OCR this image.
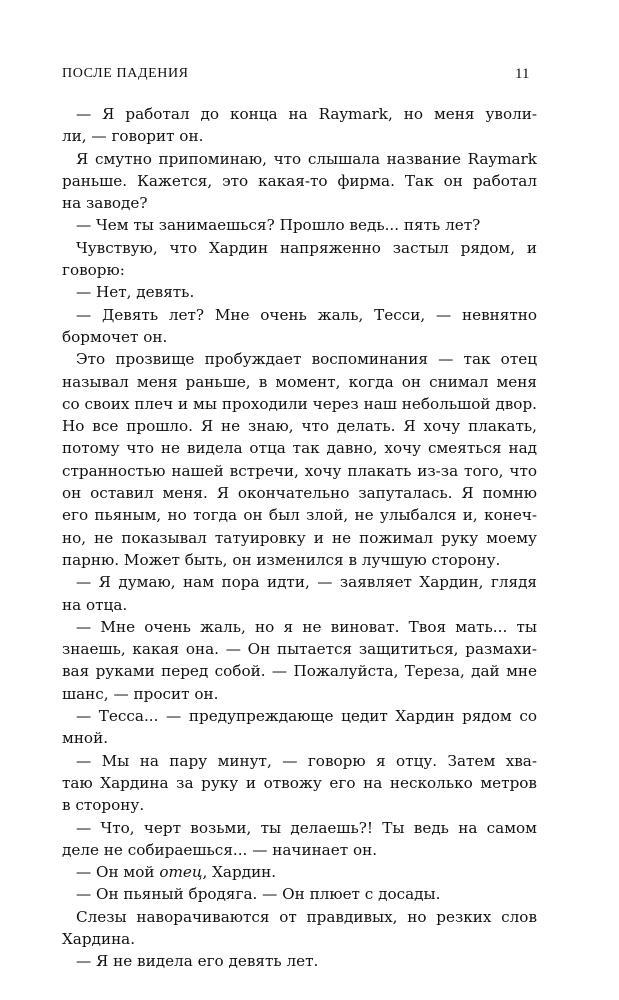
ПОСЛЕ ПАДЕНИЯ	11

— Я работал до конца на Raymark, но меня уволи-
ли, — говорит он.

Я смутно припоминаю, что слышала название Raymark
раньше. Кажется, это какая-то фирма. Так он работал
на заводе?

— Чем ты занимаешься? Прошло ведь... пять лет?

Чувствую, что Хардин напряженно застыл рядом, и
говорю:

— Нет, девять.

— Девять лет? Мне очень жаль, Тесси, — невнятно
бормочет он.

Это прозвище пробуждает воспоминания — так отец
называл меня раньше, в момент, когда он снимал меня
со своих плеч и мы проходили через наш небольшой двор.
Но все прошло. Я не знаю, что делать. Я хочу плакать,
потому что не видела отца так давно, хочу смеяться над
странностью нашей встречи, хочу плакать из-за того, что
он оставил меня. Я окончательно запуталась. Я помню
его пьяным, но тогда он был злой, не улыбался и, конеч-
но, не показывал татуировку и не пожимал руку моему
парню. Может быть, он изменился в лучшую сторону.

— Я думаю, нам пора идти, — заявляет Хардин, глядя
на отца.

— Мне очень жаль, но я не виноват. Твоя мать... ты
знаешь, какая она. — Он пытается защититься, размахи-
вая руками перед собой. — Пожалуйста, Тереза, дай мне
шанс, — просит он.

— Тесса... — предупреждающе цедит Хардин рядом со
мной.

— Мы на пару минут, — говорю я отцу. Затем хва-
таю Хардина за руку и отвожу его на несколько метров
в сторону.

— Что, черт возьми, ты делаешь?! Ты ведь на самом
деле не собираешься... — начинает он.

— Он мой отец, Хардин.

— Он пьяный бродяга. — Он плюет с досады.

Слезы наворачиваются от правдивых, но резких слов
Хардина.

— Я не видела его девять лет.
